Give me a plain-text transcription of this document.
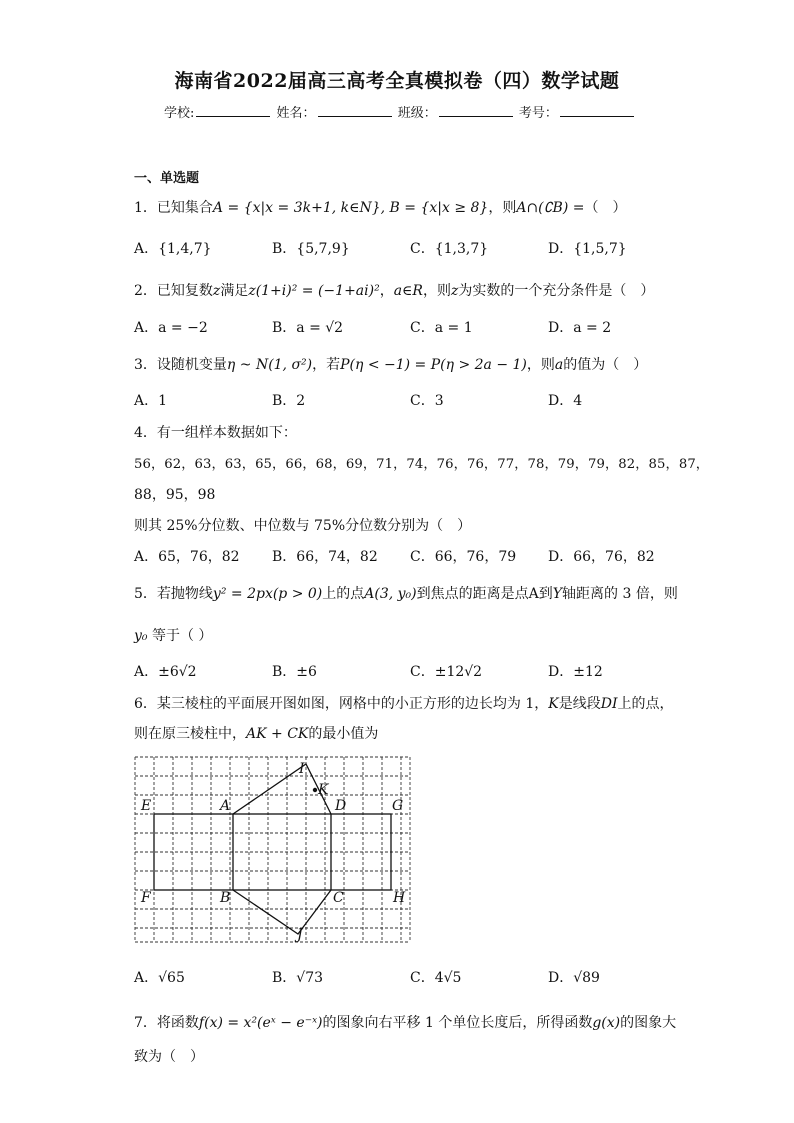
海南省2022届高三高考全真模拟卷（四）数学试题
学校:	姓名：	班级：	考号：
一、单选题
1．已知集合A = {x|x = 3k+1, k∈N}, B = {x|x ≥ 8}，则A∩(∁B) =（　）
A．{1,4,7}	B．{5,7,9}	C．{1,3,7}	D．{1,5,7}
2．已知复数z满足z(1+i)² = (−1+ai)²，a∈R，则z为实数的一个充分条件是（　）
A．a = −2	B．a = √2	C．a = 1	D．a = 2
3．设随机变量η ~ N(1, σ²)，若P(η < −1) = P(η > 2a − 1)，则a的值为（　）
A．1	B．2	C．3	D．4
4．有一组样本数据如下：
56，62，63，63，65，66，68，69，71，74，76，76，77，78，79，79，82，85，87，
88，95，98
则其 25%分位数、中位数与 75%分位数分别为（　）
A．65，76，82 B．66，74，82 C．66，76，79 D．66，76，82
5．若抛物线y² = 2px(p > 0)上的点A(3, y₀)到焦点的距离是点A到Y轴距离的 3 倍，则
y₀ 等于（ ）
A．±6√2	B．±6	C．±12√2	D．±12
6．某三棱柱的平面展开图如图，网格中的小正方形的边长均为 1，K是线段DI上的点，
则在原三棱柱中，AK + CK的最小值为
I
K
A	D
E	G
F	B	C	H
J
A．√65	B．√73	C．4√5	D．√89
7．将函数f(x) = x²(eˣ − e⁻ˣ)的图象向右平移 1 个单位长度后，所得函数g(x)的图象大
致为（　）
